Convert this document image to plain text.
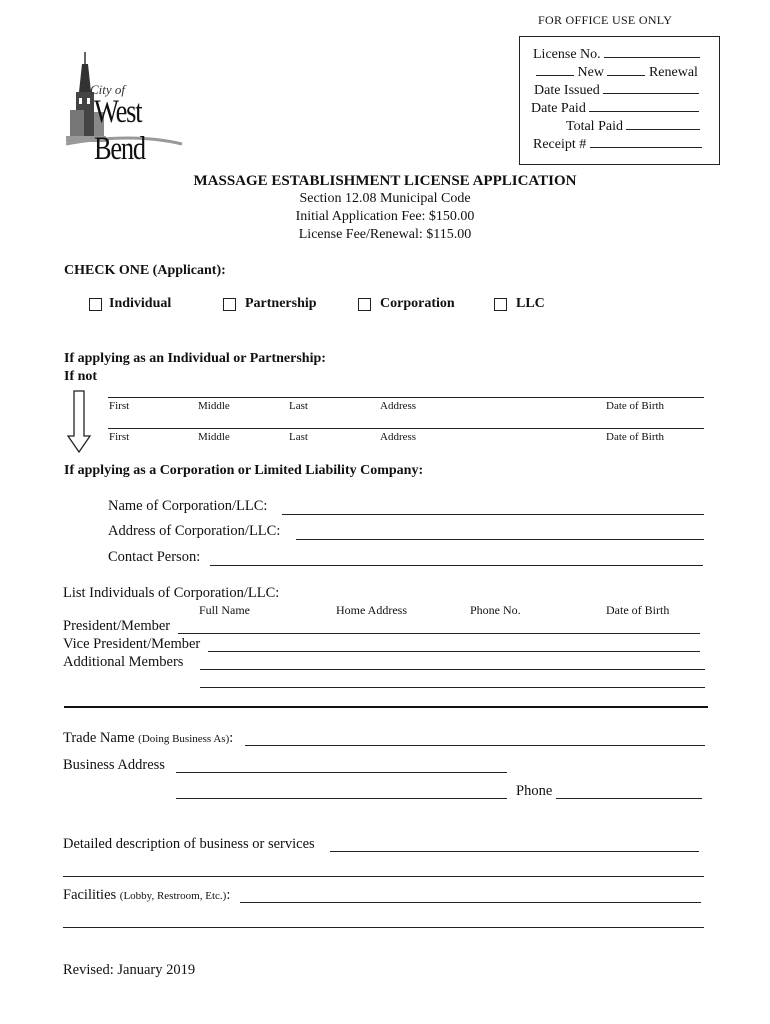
FOR OFFICE USE ONLY
License No.
New	Renewal
Date Issued
Date Paid
Total Paid
Receipt #
City of
West Bend
MASSAGE ESTABLISHMENT LICENSE APPLICATION
Section 12.08 Municipal Code
Initial Application Fee: $150.00
License Fee/Renewal: $115.00
CHECK ONE (Applicant):
Individual	Partnership	Corporation	LLC
If applying as an Individual or Partnership:
If not
First	Middle	Last	Address	Date of Birth
First	Middle	Last	Address	Date of Birth
If applying as a Corporation or Limited Liability Company:
Name of Corporation/LLC:
Address of Corporation/LLC:
Contact Person:
List Individuals of Corporation/LLC:
Full Name	Home Address	Phone No.	Date of Birth
President/Member
Vice President/Member
Additional Members
Trade Name (Doing Business As):
Business Address
Phone
Detailed description of business or services
Facilities (Lobby, Restroom, Etc.):
Revised: January 2019
